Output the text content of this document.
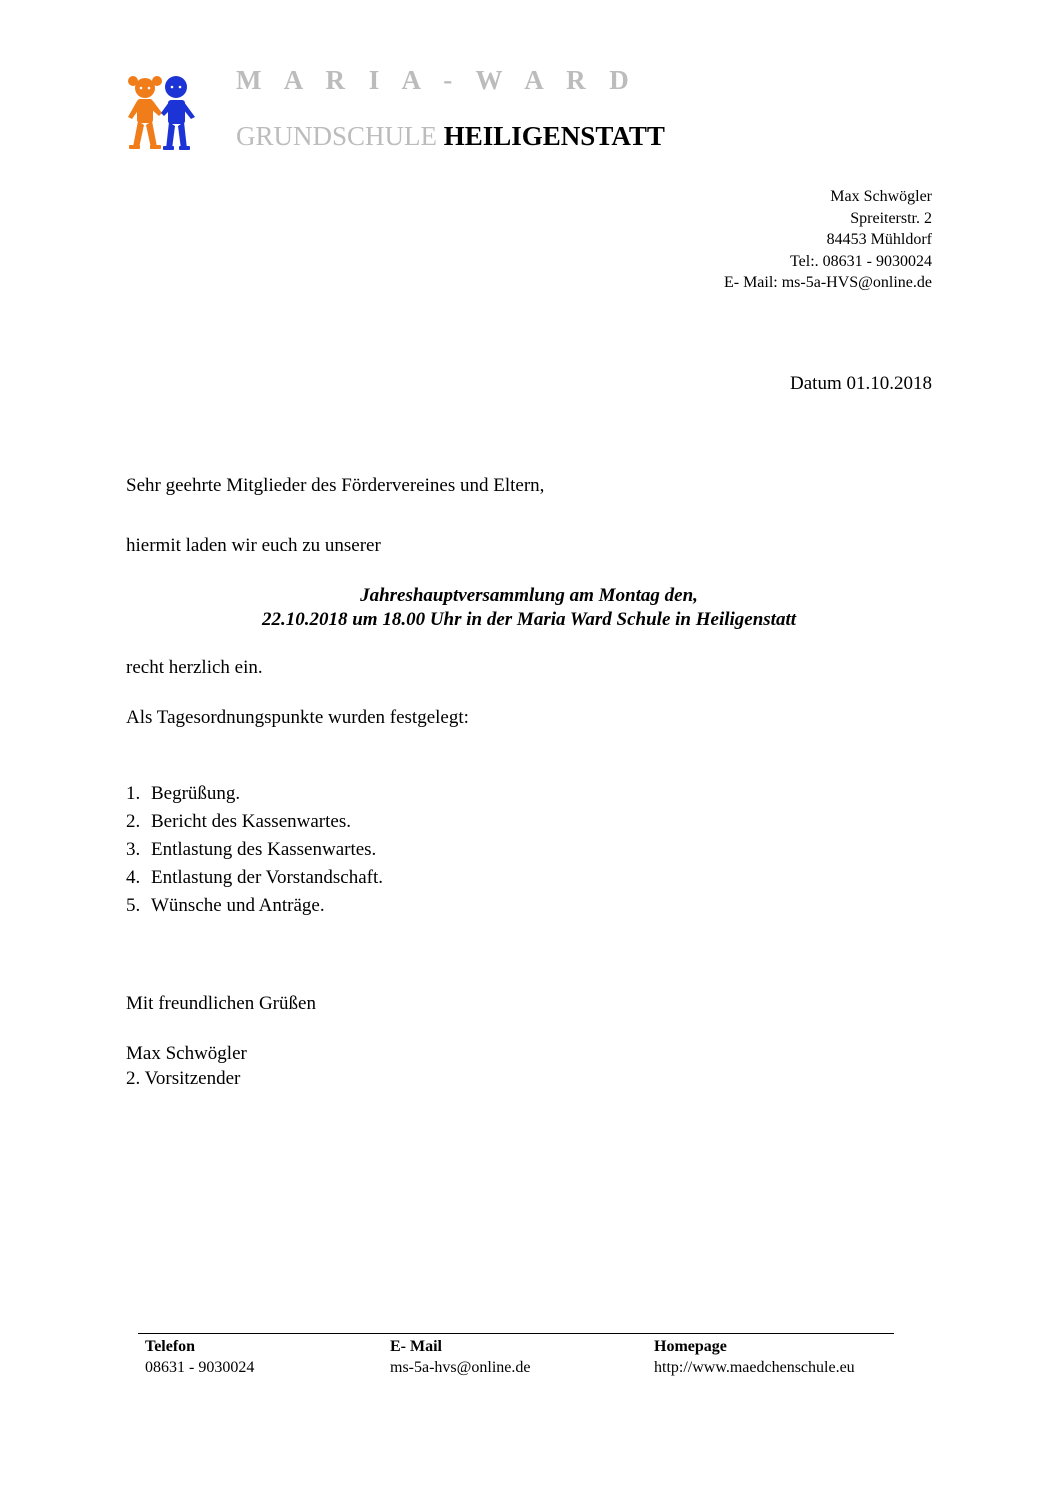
M A R I A - W A R D
GRUNDSCHULE HEILIGENSTATT
Max Schwögler
Spreiterstr. 2
84453 Mühldorf
Tel:. 08631 - 9030024
E- Mail: ms-5a-HVS@online.de
Datum 01.10.2018
Sehr geehrte Mitglieder des Fördervereines und Eltern,
hiermit laden wir euch zu unserer
Jahreshauptversammlung am Montag den,
22.10.2018 um 18.00 Uhr in der Maria Ward Schule in Heiligenstatt
recht herzlich ein.
Als Tagesordnungspunkte wurden festgelegt:
1. Begrüßung.
2. Bericht des Kassenwartes.
3. Entlastung des Kassenwartes.
4. Entlastung der Vorstandschaft.
5. Wünsche und Anträge.
Mit freundlichen Grüßen
Max Schwögler
2. Vorsitzender
Telefon
08631 - 9030024
E- Mail
ms-5a-hvs@online.de
Homepage
http://www.maedchenschule.eu
